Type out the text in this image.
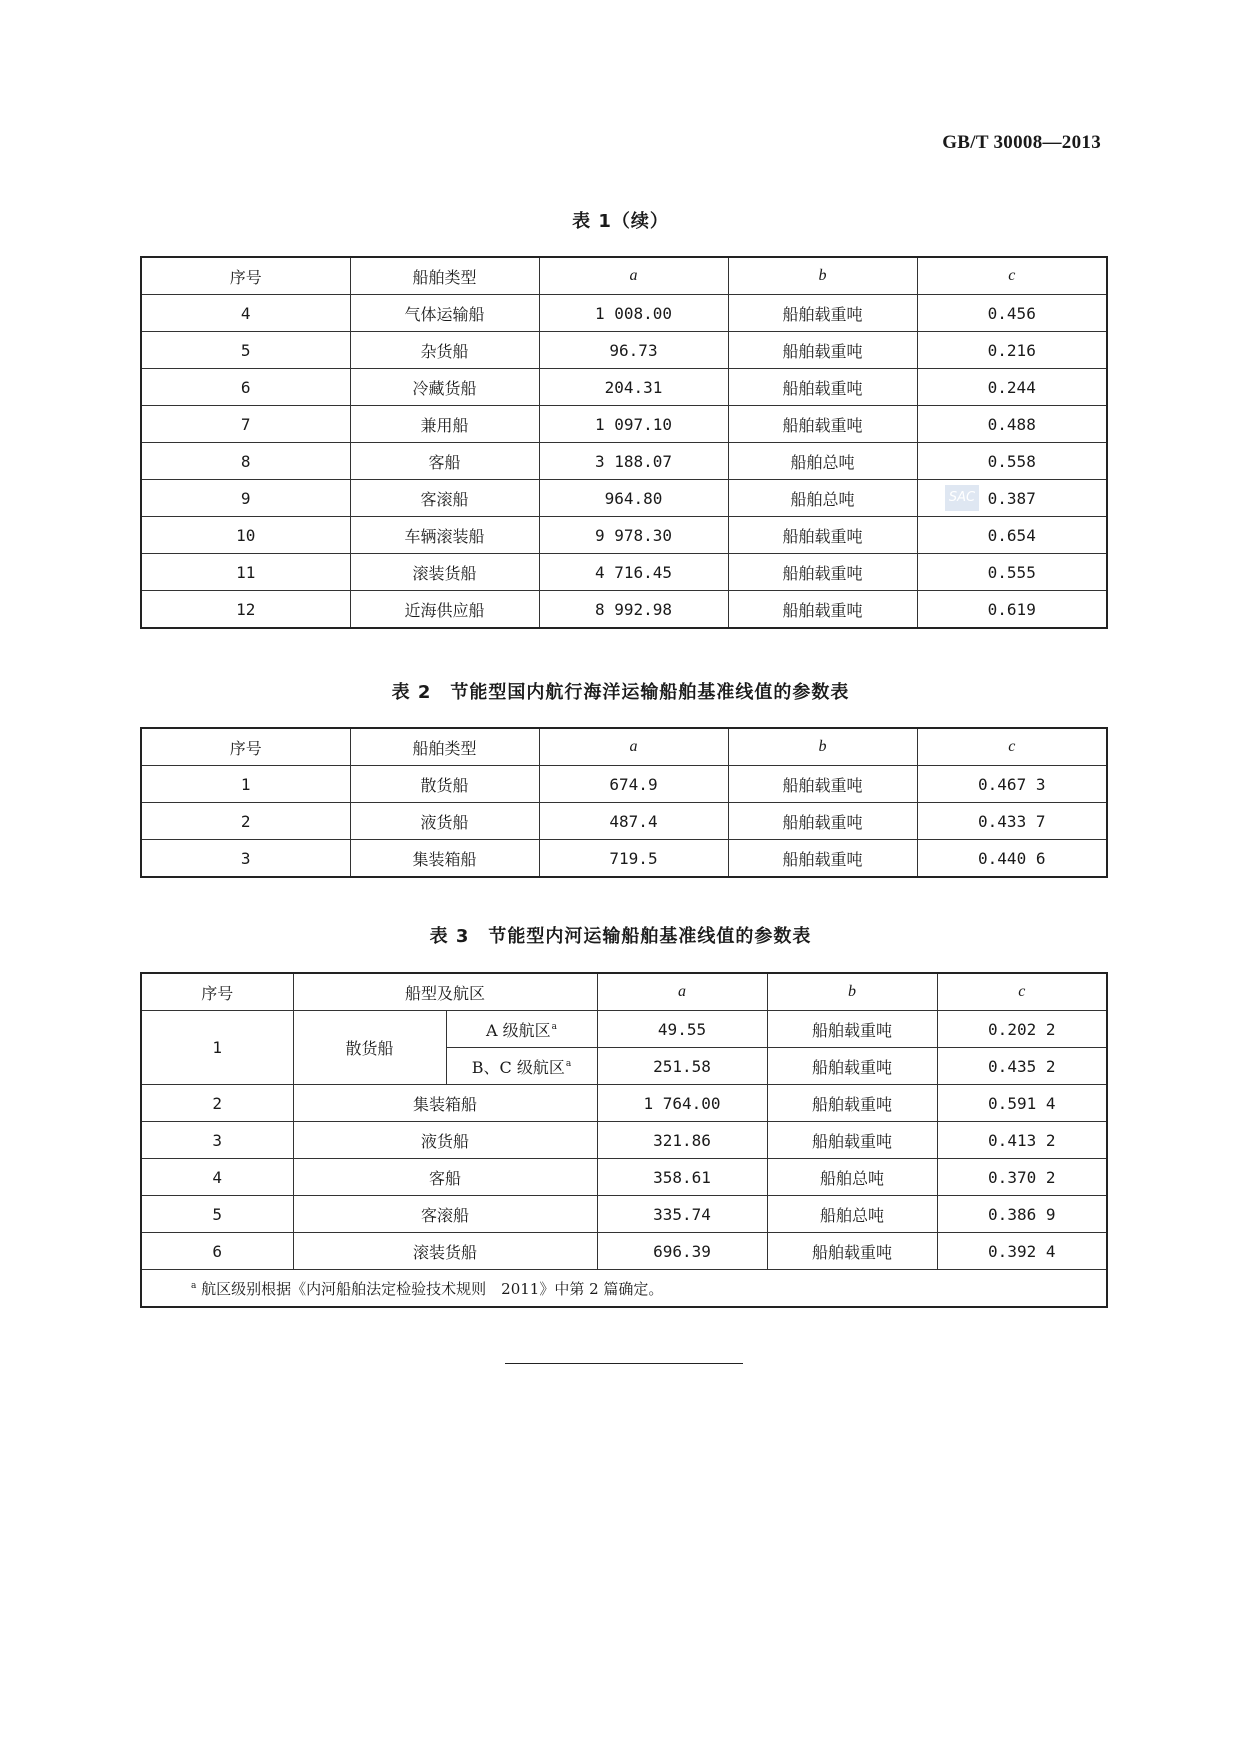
GB/T 30008—2013
表 1（续）
序号	船舶类型	a	b	c
4	气体运输船	1 008.00	船舶载重吨	0.456
5	杂货船	96.73	船舶载重吨	0.216
6	冷藏货船	204.31	船舶载重吨	0.244
7	兼用船	1 097.10	船舶载重吨	0.488
8	客船	3 188.07	船舶总吨	0.558
9	客滚船	964.80	船舶总吨	0.387
10	车辆滚装船	9 978.30	船舶载重吨	0.654
11	滚装货船	4 716.45	船舶载重吨	0.555
12	近海供应船	8 992.98	船舶载重吨	0.619
SAC
表 2　节能型国内航行海洋运输船舶基准线值的参数表
序号	船舶类型	a	b	c
1	散货船	674.9	船舶载重吨	0.467 3
2	液货船	487.4	船舶载重吨	0.433 7
3	集装箱船	719.5	船舶载重吨	0.440 6
表 3　节能型内河运输船舶基准线值的参数表
序号	船型及航区		a	b	c
1	散货船	A 级航区$^a$	49.55	船舶载重吨	0.202 2
		B、C 级航区$^a$	251.58	船舶载重吨	0.435 2
2	集装箱船		1 764.00	船舶载重吨	0.591 4
3	液货船		321.86	船舶载重吨	0.413 2
4	客船		358.61	船舶总吨	0.370 2
5	客滚船		335.74	船舶总吨	0.386 9
6	滚装货船		696.39	船舶载重吨	0.392 4
$^a$ 航区级别根据《内河船舶法定检验技术规则　2011》中第 2 篇确定。					
